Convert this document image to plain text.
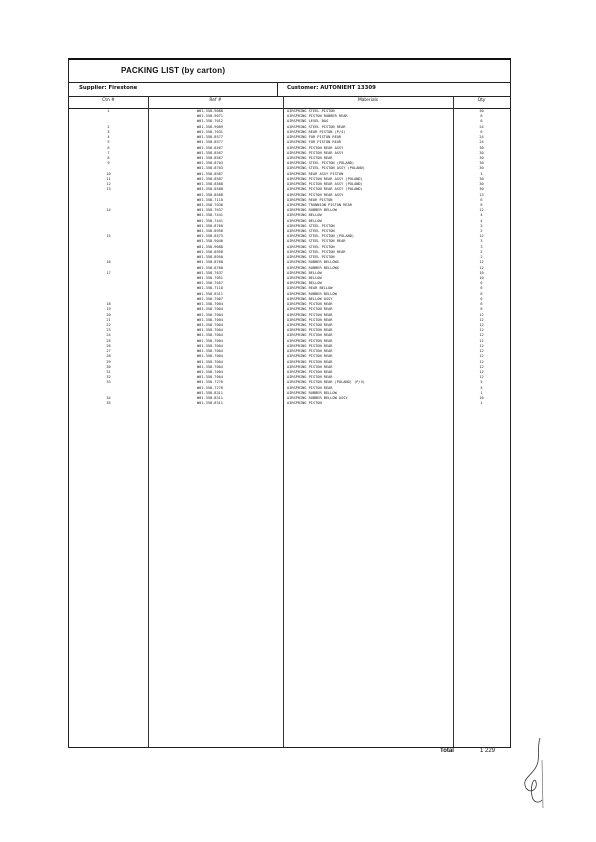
PACKING LIST (by carton)
Supplier: Firestone	Customer: AUTONIEHT 13309
Ctn #	Ref #	Materials	Qty
1	W01-358-9088	AIRSPRING STEEL PISTON	30
W01-358-9071	AIRSPRING PISTON RUBBER REAR	6
W01-358-7012	AIRSPRING LEVEL BAG	6
2	W01-358-9089	AIRSPRING STEEL PISTON REAR	24
3	W01-358-7031	AIRSPRING REAR PISTON (P/4)	6
4	W01-358-8577	AIRSPRING FOR PISTON REAR	24
5	W01-358-8577	AIRSPRING FOR PISTON REAR	24
6	W01-358-8567	AIRSPRING PISTON REAR ASSY	30
7	W01-358-8567	AIRSPRING PISTON REAR ASSY	30
8	W01-358-8567	AIRSPRING PISTON REAR	30
9	W01-358-8703	AIRSPRING STEEL PISTON (POLAND)	30
W01-358-8703	AIRSPRING STEEL PISTON ASSY (POLAND)	30
10	W01-358-8587	AIRSPRING REAR ASSY PISTON	1
11	W01-358-8587	AIRSPRING PISTON REAR ASSY (POLAND)	30
12	W01-358-8588	AIRSPRING PISTON REAR ASSY (POLAND)	30
13	W01-358-8588	AIRSPRING PISTON REAR ASSY (POLAND)	30
W01-358-8588	AIRSPRING PISTON REAR ASSY	13
W01-358-7118	AIRSPRING REAR PISTON	6
W01-358-7036	AIRSPRING TRUNNION PISTON REAR	6
14	W01-358-7637	AIRSPRING RUBBER BELLOW	12
W01-358-7441	AIRSPRING BELLOW	4
W01-358-7441	AIRSPRING BELLOW	4
W01-358-8760	AIRSPRING STEEL PISTON	2
W01-358-8950	AIRSPRING STEEL PISTON	2
15	W01-358-8575	AIRSPRING STEEL PISTON (POLAND)	12
W01-358-9040	AIRSPRING STEEL PISTON REAR	3
W01-358-9088	AIRSPRING STEEL PISTON	3
W01-358-8950	AIRSPRING STEEL PISTON REAR	2
W01-358-8950	AIRSPRING STEEL PISTON	2
16	W01-358-8768	AIRSPRING RUBBER BELLOWS	12
W01-358-8768	AIRSPRING RUBBER BELLOWS	12
17	W01-358-7637	AIRSPRING BELLOW	10
W01-358-7051	AIRSPRING BELLOW	10
W01-358-7057	AIRSPRING BELLOW	6
W01-358-7118	AIRSPRING REAR BELLOW	6
W01-358-8311	AIRSPRING RUBBER BELLOW	6
W01-358-7007	AIRSPRING BELLOW ASSY	6
18	W01-358-7004	AIRSPRING PISTON REAR	6
19	W01-358-7004	AIRSPRING PISTON REAR	6
20	W01-358-7004	AIRSPRING PISTON REAR	12
21	W01-358-7004	AIRSPRING PISTON REAR	12
22	W01-358-7004	AIRSPRING PISTON REAR	12
23	W01-358-7004	AIRSPRING PISTON REAR	12
24	W01-358-7004	AIRSPRING PISTON REAR	12
25	W01-358-7004	AIRSPRING PISTON REAR	12
26	W01-358-7004	AIRSPRING PISTON REAR	12
27	W01-358-7004	AIRSPRING PISTON REAR	12
28	W01-358-7004	AIRSPRING PISTON REAR	12
29	W01-358-7004	AIRSPRING PISTON REAR	12
30	W01-358-7004	AIRSPRING PISTON REAR	12
31	W01-358-7004	AIRSPRING PISTON REAR	12
32	W01-358-7004	AIRSPRING PISTON REAR	12
33	W01-358-7270	AIRSPRING PISTON REAR (POLAND) (P/4)	5
W01-358-7270	AIRSPRING PISTON REAR	5
W01-358-8311	AIRSPRING RUBBER BELLOW	1
34	W01-358-8311	AIRSPRING RUBBER BELLOW ASSY	10
35	W01-358-8311	AIRSPRING PISTON	1
Total	1 229
